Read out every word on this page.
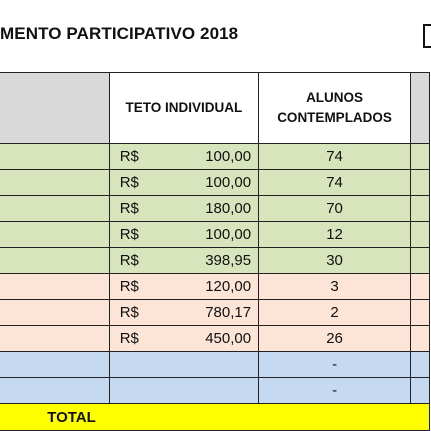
MENTO PARTICIPATIVO 2018
	TETO INDIVIDUAL	ALUNOS
CONTEMPLADOS	

	R$ 100,00	74	

	R$ 100,00	74	

	R$ 180,00	70	

	R$ 100,00	12	

	R$ 398,95	30	

	R$ 120,00	3	

	R$ 780,17	2	

	R$ 450,00	26	
		-	
		-	
TOTAL			
